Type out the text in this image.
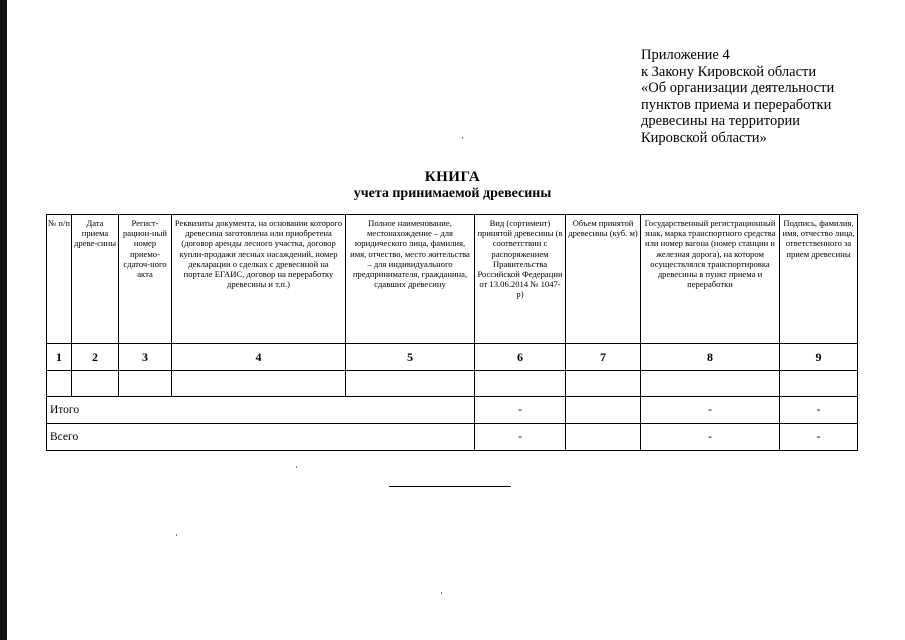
Приложение 4
к Закону Кировской области
«Об организации деятельности
пунктов приема и переработки
древесины на территории
Кировской области»
КНИГА
учета принимаемой древесины
№ п/п	Дата приема древе-сины	Регист-рацион-ный номер приемо-сдаточ-ного акта	Реквизиты документа, на основании которого древесина заготовлена или приобретена (договор аренды лесного участка, договор купли-продажи лесных насаждений, номер декларации о сделках с древесиной на портале ЕГАИС, договор на переработку древесины и т.п.)	Полное наименование, местонахождение – для юридического лица, фамилия, имя, отчество, место жительства – для индивидуального предпринимателя, гражданина, сдавших древесину	Вид (сортимент) принятой древесины (в соответствии с распоряжением Правительства Российской Федерации от 13.06.2014 № 1047-р)	Объем принятой древесины (куб. м)	Государственный регистрационный знак, марка транспортного средства или номер вагона (номер станции и железная дорога), на котором осуществлялся транспортировка древесины в пункт приема и переработки	Подпись, фамилия, имя, отчество лица, ответственного за прием древесины
1	2	3	4	5	6	7	8	9

Итого					-		-	-
Всего					-		-	-
